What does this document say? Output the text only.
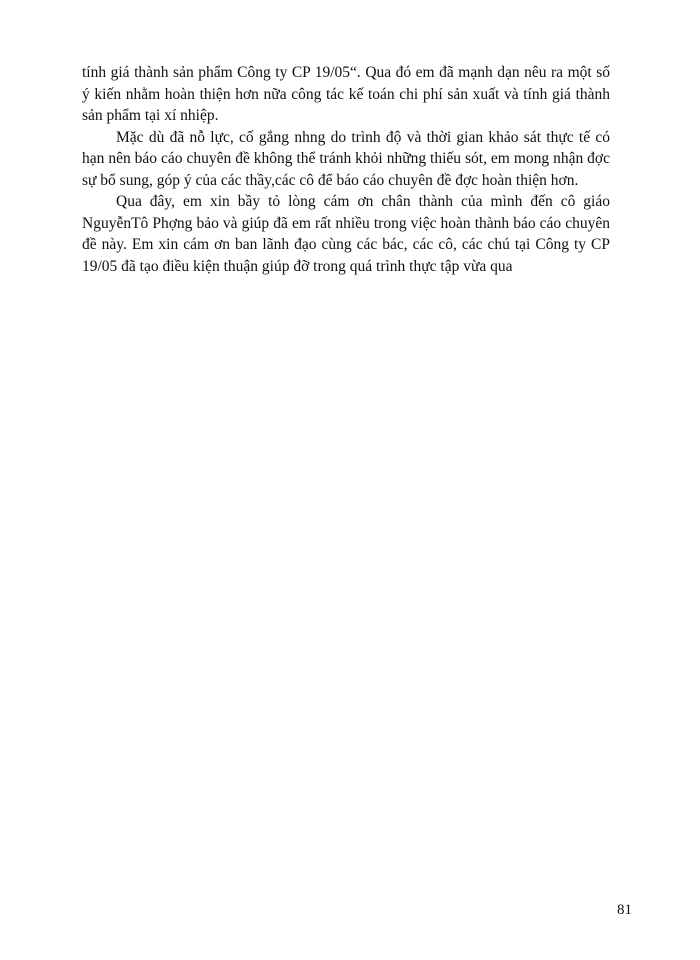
tính giá thành sản phẩm Công ty CP 19/05“. Qua đó em đã mạnh dạn nêu ra một số ý kiến nhằm hoàn thiện hơn nữa công tác kế toán chi phí sản xuất và tính giá thành sản phẩm tại xí nhiệp.

Mặc dù đã nỗ lực, cố gắng nhng do trình độ và thời gian khảo sát thực tế có hạn nên báo cáo chuyên đề không thể tránh khỏi những thiếu sót, em mong nhận đợc sự bổ sung, góp ý của các thầy,các cô để báo cáo chuyên đề đợc hoàn thiện hơn.

Qua đây, em xin bầy tỏ lòng cám ơn chân thành của mình đến cô giáo NguyễnTô Phợng bảo và giúp đã em rất nhiều trong việc hoàn thành báo cáo chuyên đề này. Em xin cám ơn ban lãnh đạo cùng các bác, các cô, các chú tại Công ty CP 19/05 đã tạo điều kiện thuận giúp đỡ trong quá trình thực tập vừa qua

81
